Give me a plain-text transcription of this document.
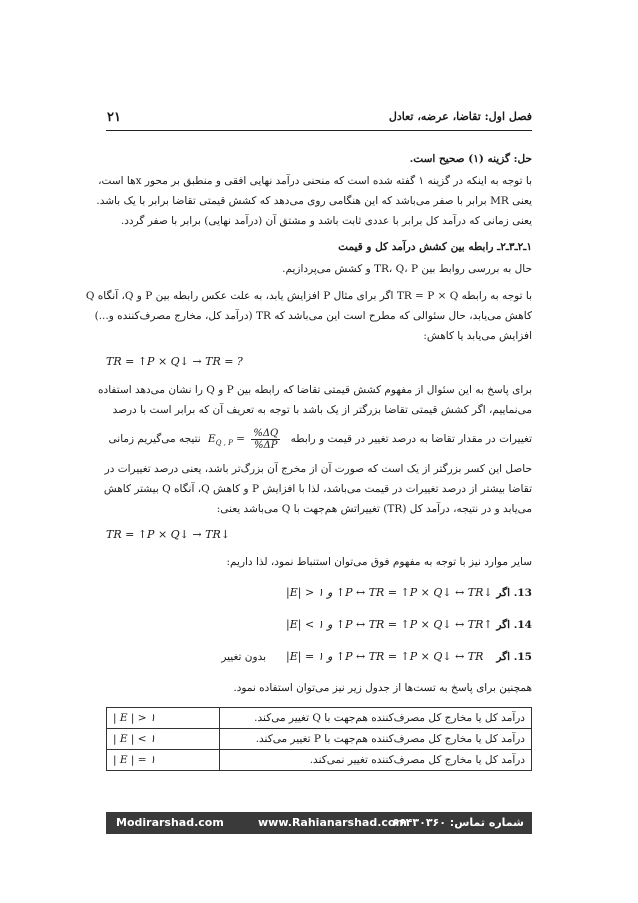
۲۱	فصل اول: تقاضا، عرضه، تعادل
حل: گزینه (۱) صحیح است.
با توجه به اینکه در گزینه ۱ گفته شده است که منحنی درآمد نهایی افقی و منطبق بر محور xها است،
یعنی MR برابر با صفر می‌باشد که این هنگامی روی می‌دهد که کشش قیمتی تقاضا برابر با یک باشد.
یعنی زمانی که درآمد کل برابر با عددی ثابت باشد و مشتق آن (درآمد نهایی) برابر با صفر گردد.
۱ـ۲ـ۳ـ۲ـ رابطه بین کشش درآمد کل و قیمت
حال به بررسی روابط بین TR، Q، P و کشش می‌پردازیم.
با توجه به رابطه TR = P × Q اگر برای مثال P افزایش یابد، به علت عکس رابطه بین P و Q، آنگاه Q
کاهش می‌یابد، حال سئوالی که مطرح است این می‌باشد که TR (درآمد کل، مخارج مصرف‌کننده و...)
افزایش می‌یابد یا کاهش:
TR = ↑P × Q↓ → TR = ?
برای پاسخ به این سئوال از مفهوم کشش قیمتی تقاضا که رابطه بین P و Q را نشان می‌دهد استفاده
می‌نماییم، اگر کشش قیمتی تقاضا بزرگتر از یک باشد با توجه به تعریف آن که برابر است با درصد
تغییرات در مقدار تقاضا به درصد تغییر در قیمت و رابطه $E_{Q , P} = \frac{\%\Delta Q}{\%\Delta P}$
نتیجه می‌گیریم زمانی
حاصل این کسر بزرگتر از یک است که صورت آن از مخرج آن بزرگ‌تر باشد، یعنی درصد تغییرات در
تقاضا بیشتر از درصد تغییرات در قیمت می‌باشد، لذا با افزایش P و کاهش Q، آنگاه Q بیشتر کاهش
می‌یابد و در نتیجه، درآمد کل (TR) تغییراتش هم‌جهت با Q می‌باشد یعنی:
TR = ↑P × Q↓ → TR↓
سایر موارد نیز با توجه به مفهوم فوق می‌توان استنباط نمود، لذا داریم:
13. اگر
|E| > ۱ و ↑P ↔ TR = ↑P × Q↓ ↔ TR↓
14. اگر
|E| < ۱ و ↑P ↔ TR = ↑P × Q↓ ↔ TR↑
15. اگر
|E| = ۱ و ↑P ↔ TR = ↑P × Q↓ ↔ TR
بدون تغییر
همچنین برای پاسخ به تست‌ها از جدول زیر نیز می‌توان استفاده نمود.
| E | > ۱	درآمد کل یا مخارج کل مصرف‌کننده هم‌جهت با Q تغییر می‌کند.
| E | < ۱	درآمد کل یا مخارج کل مصرف‌کننده هم‌جهت با P تغییر می‌کند.
| E | = ۱	درآمد کل یا مخارج کل مصرف‌کننده تغییر نمی‌کند.
Modirarshad.com	www.Rahianarshad.com
شماره تماس: ۶۶۴۳۰۳۶۰
